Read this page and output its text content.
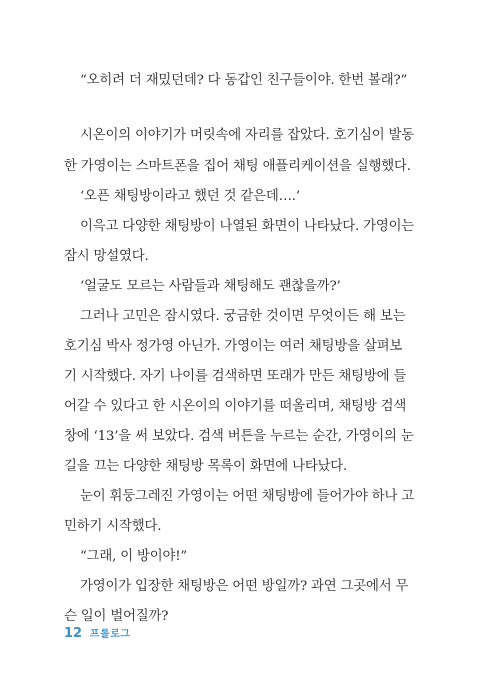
“오히려 더 재밌던데? 다 동갑인 친구들이야. 한번 볼래?”
시온이의 이야기가 머릿속에 자리를 잡았다. 호기심이 발동
한 가영이는 스마트폰을 집어 채팅 애플리케이션을 실행했다.
‘오픈 채팅방이라고 했던 것 같은데….’
이윽고 다양한 채팅방이 나열된 화면이 나타났다. 가영이는
잠시 망설였다.
‘얼굴도 모르는 사람들과 채팅해도 괜찮을까?’
그러나 고민은 잠시였다. 궁금한 것이면 무엇이든 해 보는
호기심 박사 정가영 아닌가. 가영이는 여러 채팅방을 살펴보
기 시작했다. 자기 나이를 검색하면 또래가 만든 채팅방에 들
어갈 수 있다고 한 시온이의 이야기를 떠올리며, 채팅방 검색
창에 ‘13’을 써 보았다. 검색 버튼을 누르는 순간, 가영이의 눈
길을 끄는 다양한 채팅방 목록이 화면에 나타났다.
눈이 휘둥그레진 가영이는 어떤 채팅방에 들어가야 하나 고
민하기 시작했다.
“그래, 이 방이야!”
가영이가 입장한 채팅방은 어떤 방일까? 과연 그곳에서 무
슨 일이 벌어질까?
12 프롤로그
